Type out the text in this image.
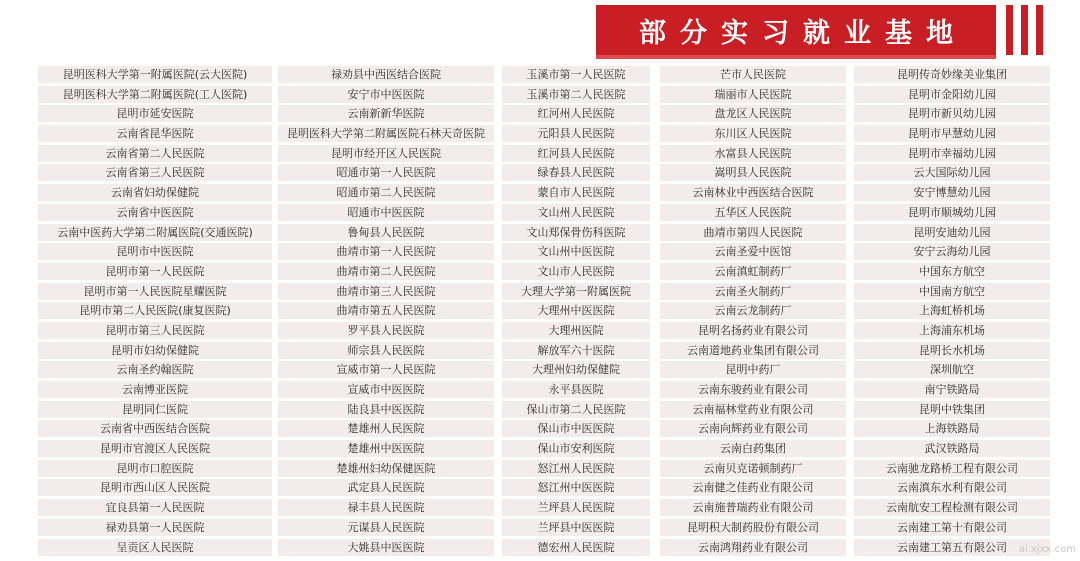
部分实习就业基地
昆明医科大学第一附属医院(云大医院)
昆明医科大学第二附属医院(工人医院)
昆明市延安医院
云南省昆华医院
云南省第二人民医院
云南省第三人民医院
云南省妇幼保健院
云南省中医医院
云南中医药大学第二附属医院(交通医院)
昆明市中医医院
昆明市第一人民医院
昆明市第一人民医院星耀医院
昆明市第二人民医院(康复医院)
昆明市第三人民医院
昆明市妇幼保健院
云南圣约翰医院
云南博亚医院
昆明同仁医院
云南省中西医结合医院
昆明市官渡区人民医院
昆明市口腔医院
昆明市西山区人民医院
宜良县第一人民医院
禄劝县第一人民医院
呈贡区人民医院
禄劝县中西医结合医院
安宁市中医医院
云南新新华医院
昆明医科大学第二附属医院石林天奇医院
昆明市经开区人民医院
昭通市第一人民医院
昭通市第二人民医院
昭通市中医医院
鲁甸县人民医院
曲靖市第一人民医院
曲靖市第二人民医院
曲靖市第三人民医院
曲靖市第五人民医院
罗平县人民医院
师宗县人民医院
宣威市第一人民医院
宣威市中医医院
陆良县中医医院
楚雄州人民医院
楚雄州中医医院
楚雄州妇幼保健医院
武定县人民医院
禄丰县人民医院
元谋县人民医院
大姚县中医医院
玉溪市第一人民医院
玉溪市第二人民医院
红河州人民医院
元阳县人民医院
红河县人民医院
绿春县人民医院
蒙自市人民医院
文山州人民医院
文山郑保骨伤科医院
文山州中医医院
文山市人民医院
大理大学第一附属医院
大理州中医医院
大理州医院
解放军六十医院
大理州妇幼保健院
永平县医院
保山市第二人民医院
保山市中医医院
保山市安利医院
怒江州人民医院
怒江州中医医院
兰坪县人民医院
兰坪县中医医院
德宏州人民医院
芒市人民医院
瑞丽市人民医院
盘龙区人民医院
东川区人民医院
水富县人民医院
嵩明县人民医院
云南林业中西医结合医院
五华区人民医院
曲靖市第四人民医院
云南圣爱中医馆
云南滇虹制药厂
云南圣火制药厂
云南云龙制药厂
昆明名扬药业有限公司
云南道地药业集团有限公司
昆明中药厂
云南东骏药业有限公司
云南福林堂药业有限公司
云南向辉药业有限公司
云南白药集团
云南贝克诺顿制药厂
云南健之佳药业有限公司
云南施普瑞药业有限公司
昆明积大制药股份有限公司
云南鸿翔药业有限公司
昆明传奇妙缘美业集团
昆明市金阳幼儿园
昆明市新贝幼儿园
昆明市早慧幼儿园
昆明市幸福幼儿园
云大国际幼儿园
安宁博慧幼儿园
昆明市顺城幼儿园
昆明安迪幼儿园
安宁云海幼儿园
中国东方航空
中国南方航空
上海虹桥机场
上海浦东机场
昆明长水机场
深圳航空
南宁铁路局
昆明中铁集团
上海铁路局
武汉铁路局
云南驰龙路桥工程有限公司
云南滇东水利有限公司
云南航安工程检测有限公司
云南建工第十有限公司
云南建工第五有限公司	ai.xjxx.com
